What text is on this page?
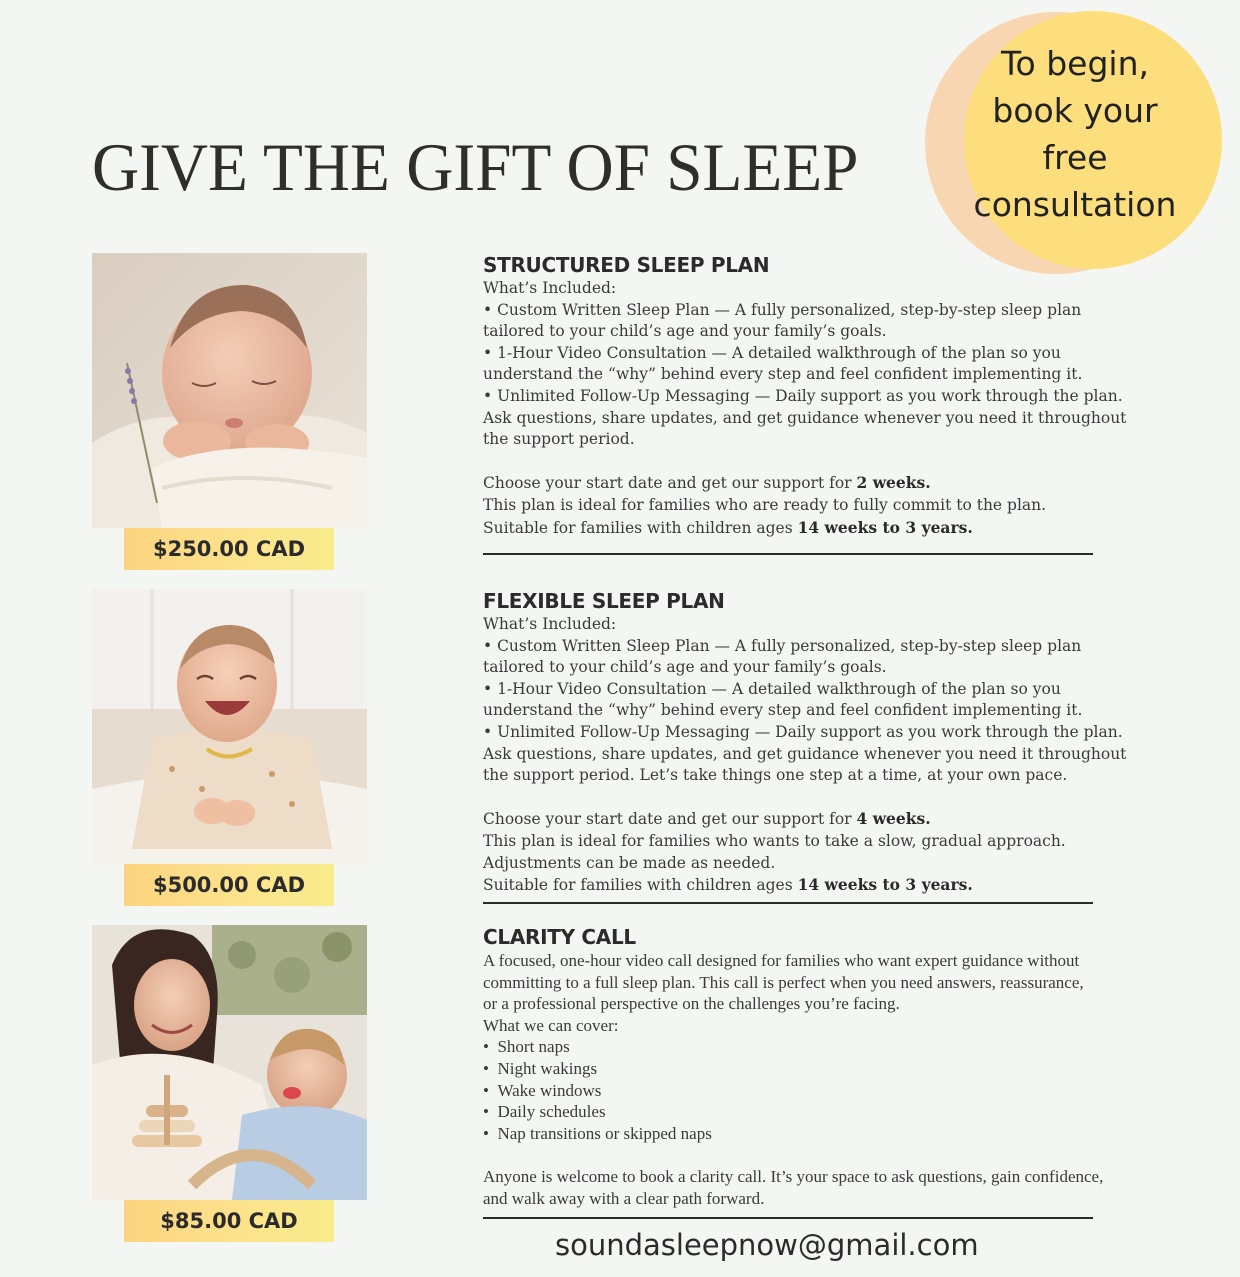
GIVE THE GIFT OF SLEEP
To begin,
book your
free
consultation
$250.00 CAD
$500.00 CAD
$85.00 CAD
STRUCTURED SLEEP PLAN
What’s Included:
• Custom Written Sleep Plan — A fully personalized, step-by-step sleep plan
tailored to your child’s age and your family’s goals.
• 1-Hour Video Consultation — A detailed walkthrough of the plan so you
understand the “why” behind every step and feel confident implementing it.
• Unlimited Follow-Up Messaging — Daily support as you work through the plan.
Ask questions, share updates, and get guidance whenever you need it throughout
the support period.
Choose your start date and get our support for 2 weeks.
This plan is ideal for families who are ready to fully commit to the plan.
Suitable for families with children ages 14 weeks to 3 years.
FLEXIBLE SLEEP PLAN
What’s Included:
• Custom Written Sleep Plan — A fully personalized, step-by-step sleep plan
tailored to your child’s age and your family’s goals.
• 1-Hour Video Consultation — A detailed walkthrough of the plan so you
understand the “why” behind every step and feel confident implementing it.
• Unlimited Follow-Up Messaging — Daily support as you work through the plan.
Ask questions, share updates, and get guidance whenever you need it throughout
the support period. Let’s take things one step at a time, at your own pace.
Choose your start date and get our support for 4 weeks.
This plan is ideal for families who wants to take a slow, gradual approach.
Adjustments can be made as needed.
Suitable for families with children ages 14 weeks to 3 years.
CLARITY CALL
A focused, one-hour video call designed for families who want expert guidance without
committing to a full sleep plan. This call is perfect when you need answers, reassurance,
or a professional perspective on the challenges you’re facing.
What we can cover:
•  Short naps
•  Night wakings
•  Wake windows
•  Daily schedules
•  Nap transitions or skipped naps
Anyone is welcome to book a clarity call. It’s your space to ask questions, gain confidence,
and walk away with a clear path forward.
soundasleepnow@gmail.com
